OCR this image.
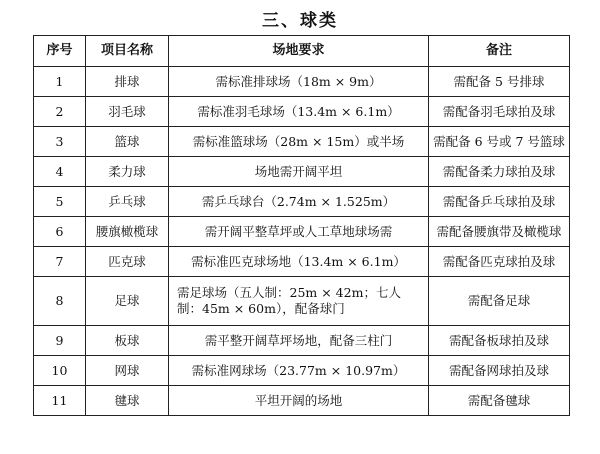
三、球类
序号	项目名称	场地要求	备注
1	排球	需标准排球场（18m × 9m）	需配备 5 号排球
2	羽毛球	需标准羽毛球场（13.4m × 6.1m）	需配备羽毛球拍及球
3	篮球	需标准篮球场（28m × 15m）或半场	需配备 6 号或 7 号篮球
4	柔力球	场地需开阔平坦	需配备柔力球拍及球
5	乒乓球	需乒乓球台（2.74m × 1.525m）	需配备乒乓球拍及球
6	腰旗橄榄球	需开阔平整草坪或人工草地球场需	需配备腰旗带及橄榄球
7	匹克球	需标准匹克球场地（13.4m × 6.1m）	需配备匹克球拍及球
8	足球	需足球场（五人制：25m × 42m；七人制：45m × 60m），配备球门	需配备足球
9	板球	需平整开阔草坪场地，配备三柱门	需配备板球拍及球
10	网球	需标准网球场（23.77m × 10.97m）	需配备网球拍及球
11	毽球	平坦开阔的场地	需配备毽球
